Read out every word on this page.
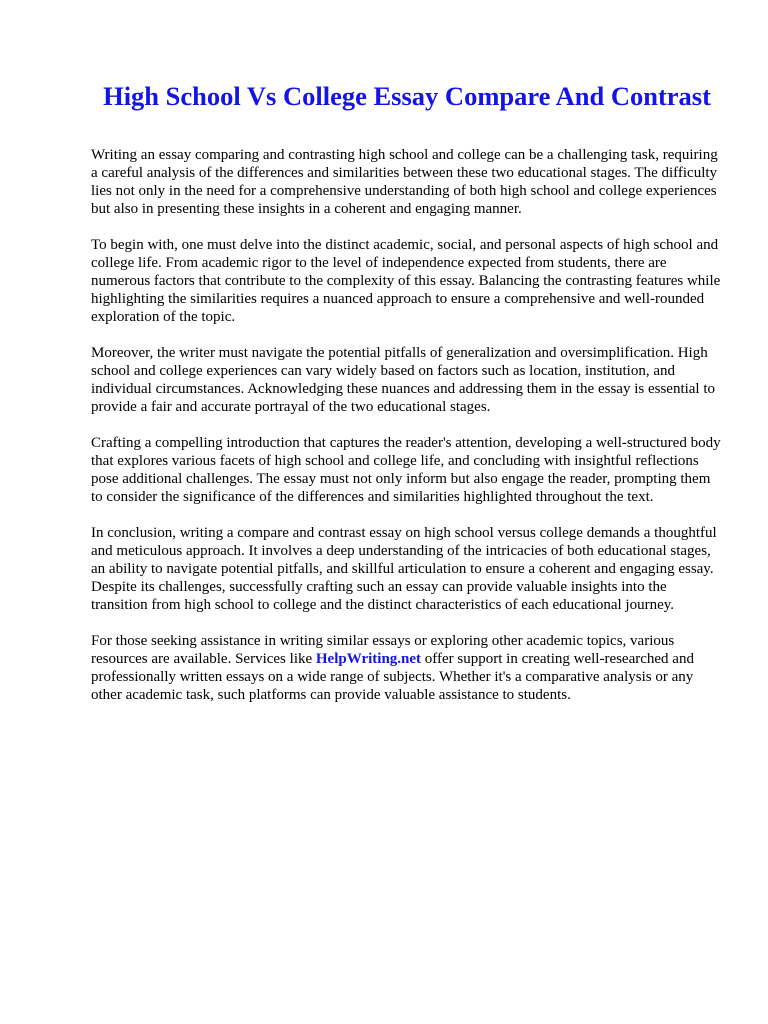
High School Vs College Essay Compare And Contrast

Writing an essay comparing and contrasting high school and college can be a challenging task, requiring a careful analysis of the differences and similarities between these two educational stages. The difficulty lies not only in the need for a comprehensive understanding of both high school and college experiences but also in presenting these insights in a coherent and engaging manner.

To begin with, one must delve into the distinct academic, social, and personal aspects of high school and college life. From academic rigor to the level of independence expected from students, there are numerous factors that contribute to the complexity of this essay. Balancing the contrasting features while highlighting the similarities requires a nuanced approach to ensure a comprehensive and well-rounded exploration of the topic.

Moreover, the writer must navigate the potential pitfalls of generalization and oversimplification. High school and college experiences can vary widely based on factors such as location, institution, and individual circumstances. Acknowledging these nuances and addressing them in the essay is essential to provide a fair and accurate portrayal of the two educational stages.

Crafting a compelling introduction that captures the reader's attention, developing a well-structured body that explores various facets of high school and college life, and concluding with insightful reflections pose additional challenges. The essay must not only inform but also engage the reader, prompting them to consider the significance of the differences and similarities highlighted throughout the text.

In conclusion, writing a compare and contrast essay on high school versus college demands a thoughtful and meticulous approach. It involves a deep understanding of the intricacies of both educational stages, an ability to navigate potential pitfalls, and skillful articulation to ensure a coherent and engaging essay. Despite its challenges, successfully crafting such an essay can provide valuable insights into the transition from high school to college and the distinct characteristics of each educational journey.

For those seeking assistance in writing similar essays or exploring other academic topics, various resources are available. Services like HelpWriting.net offer support in creating well-researched and professionally written essays on a wide range of subjects. Whether it's a comparative analysis or any other academic task, such platforms can provide valuable assistance to students.
